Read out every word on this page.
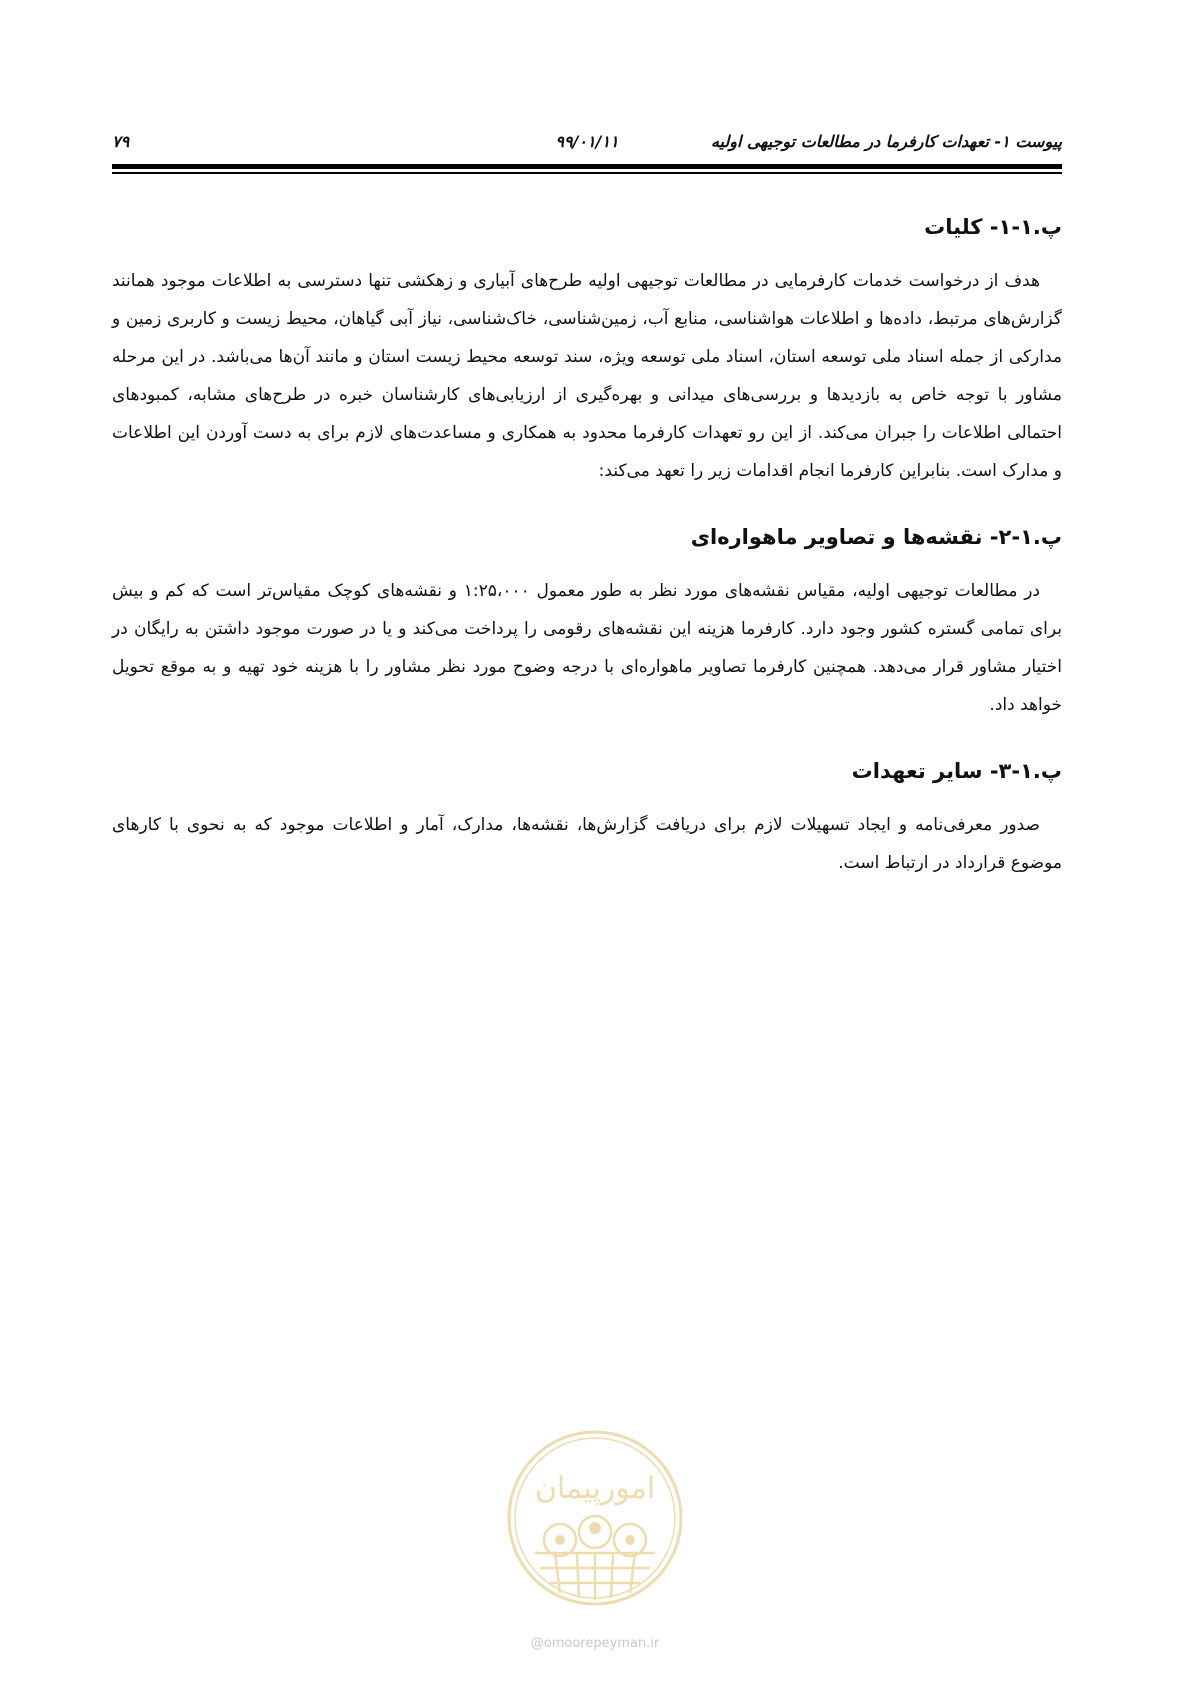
پیوست ۱- تعهدات کارفرما در مطالعات توجیهی اولیه
۹۹/۰۱/۱۱
۷۹
پ.۱-۱- کلیات

هدف از درخواست خدمات کارفرمایی در مطالعات توجیهی اولیه طرح‌های آبیاری و زهکشی تنها دسترسی به اطلاعات موجود همانند گزارش‌های مرتبط، داده‌ها و اطلاعات هواشناسی، منابع آب، زمین‌شناسی، خاک‌شناسی، نیاز آبی گیاهان، محیط زیست و کاربری زمین و مدارکی از جمله اسناد ملی توسعه استان، اسناد ملی توسعه ویژه، سند توسعه محیط زیست استان و مانند آن‌ها می‌باشد. در این مرحله مشاور با توجه خاص به بازدیدها و بررسی‌های میدانی و بهره‌گیری از ارزیابی‌های کارشناسان خبره در طرح‌های مشابه، کمبودهای احتمالی اطلاعات را جبران می‌کند. از این رو تعهدات کارفرما محدود به همکاری و مساعدت‌های لازم برای به دست آوردن این اطلاعات و مدارک است. بنابراین کارفرما انجام اقدامات زیر را تعهد می‌کند:

پ.۱-۲- نقشه‌ها و تصاویر ماهواره‌ای

در مطالعات توجیهی اولیه، مقیاس نقشه‌های مورد نظر به طور معمول ۱:۲۵،۰۰۰ و نقشه‌های کوچک مقیاس‌تر است که کم و بیش برای تمامی گستره کشور وجود دارد. کارفرما هزینه این نقشه‌های رقومی را پرداخت می‌کند و یا در صورت موجود داشتن به رایگان در اختیار مشاور قرار می‌دهد. همچنین کارفرما تصاویر ماهواره‌ای با درجه وضوح مورد نظر مشاور را با هزینه خود تهیه و به موقع تحویل خواهد داد.

پ.۱-۳- سایر تعهدات

صدور معرفی‌نامه و ایجاد تسهیلات لازم برای دریافت گزارش‌ها، نقشه‌ها، مدارک، آمار و اطلاعات موجود که به نحوی با کارهای موضوع قرارداد در ارتباط است.

امورپیمان
@omoorepeyman.ir
